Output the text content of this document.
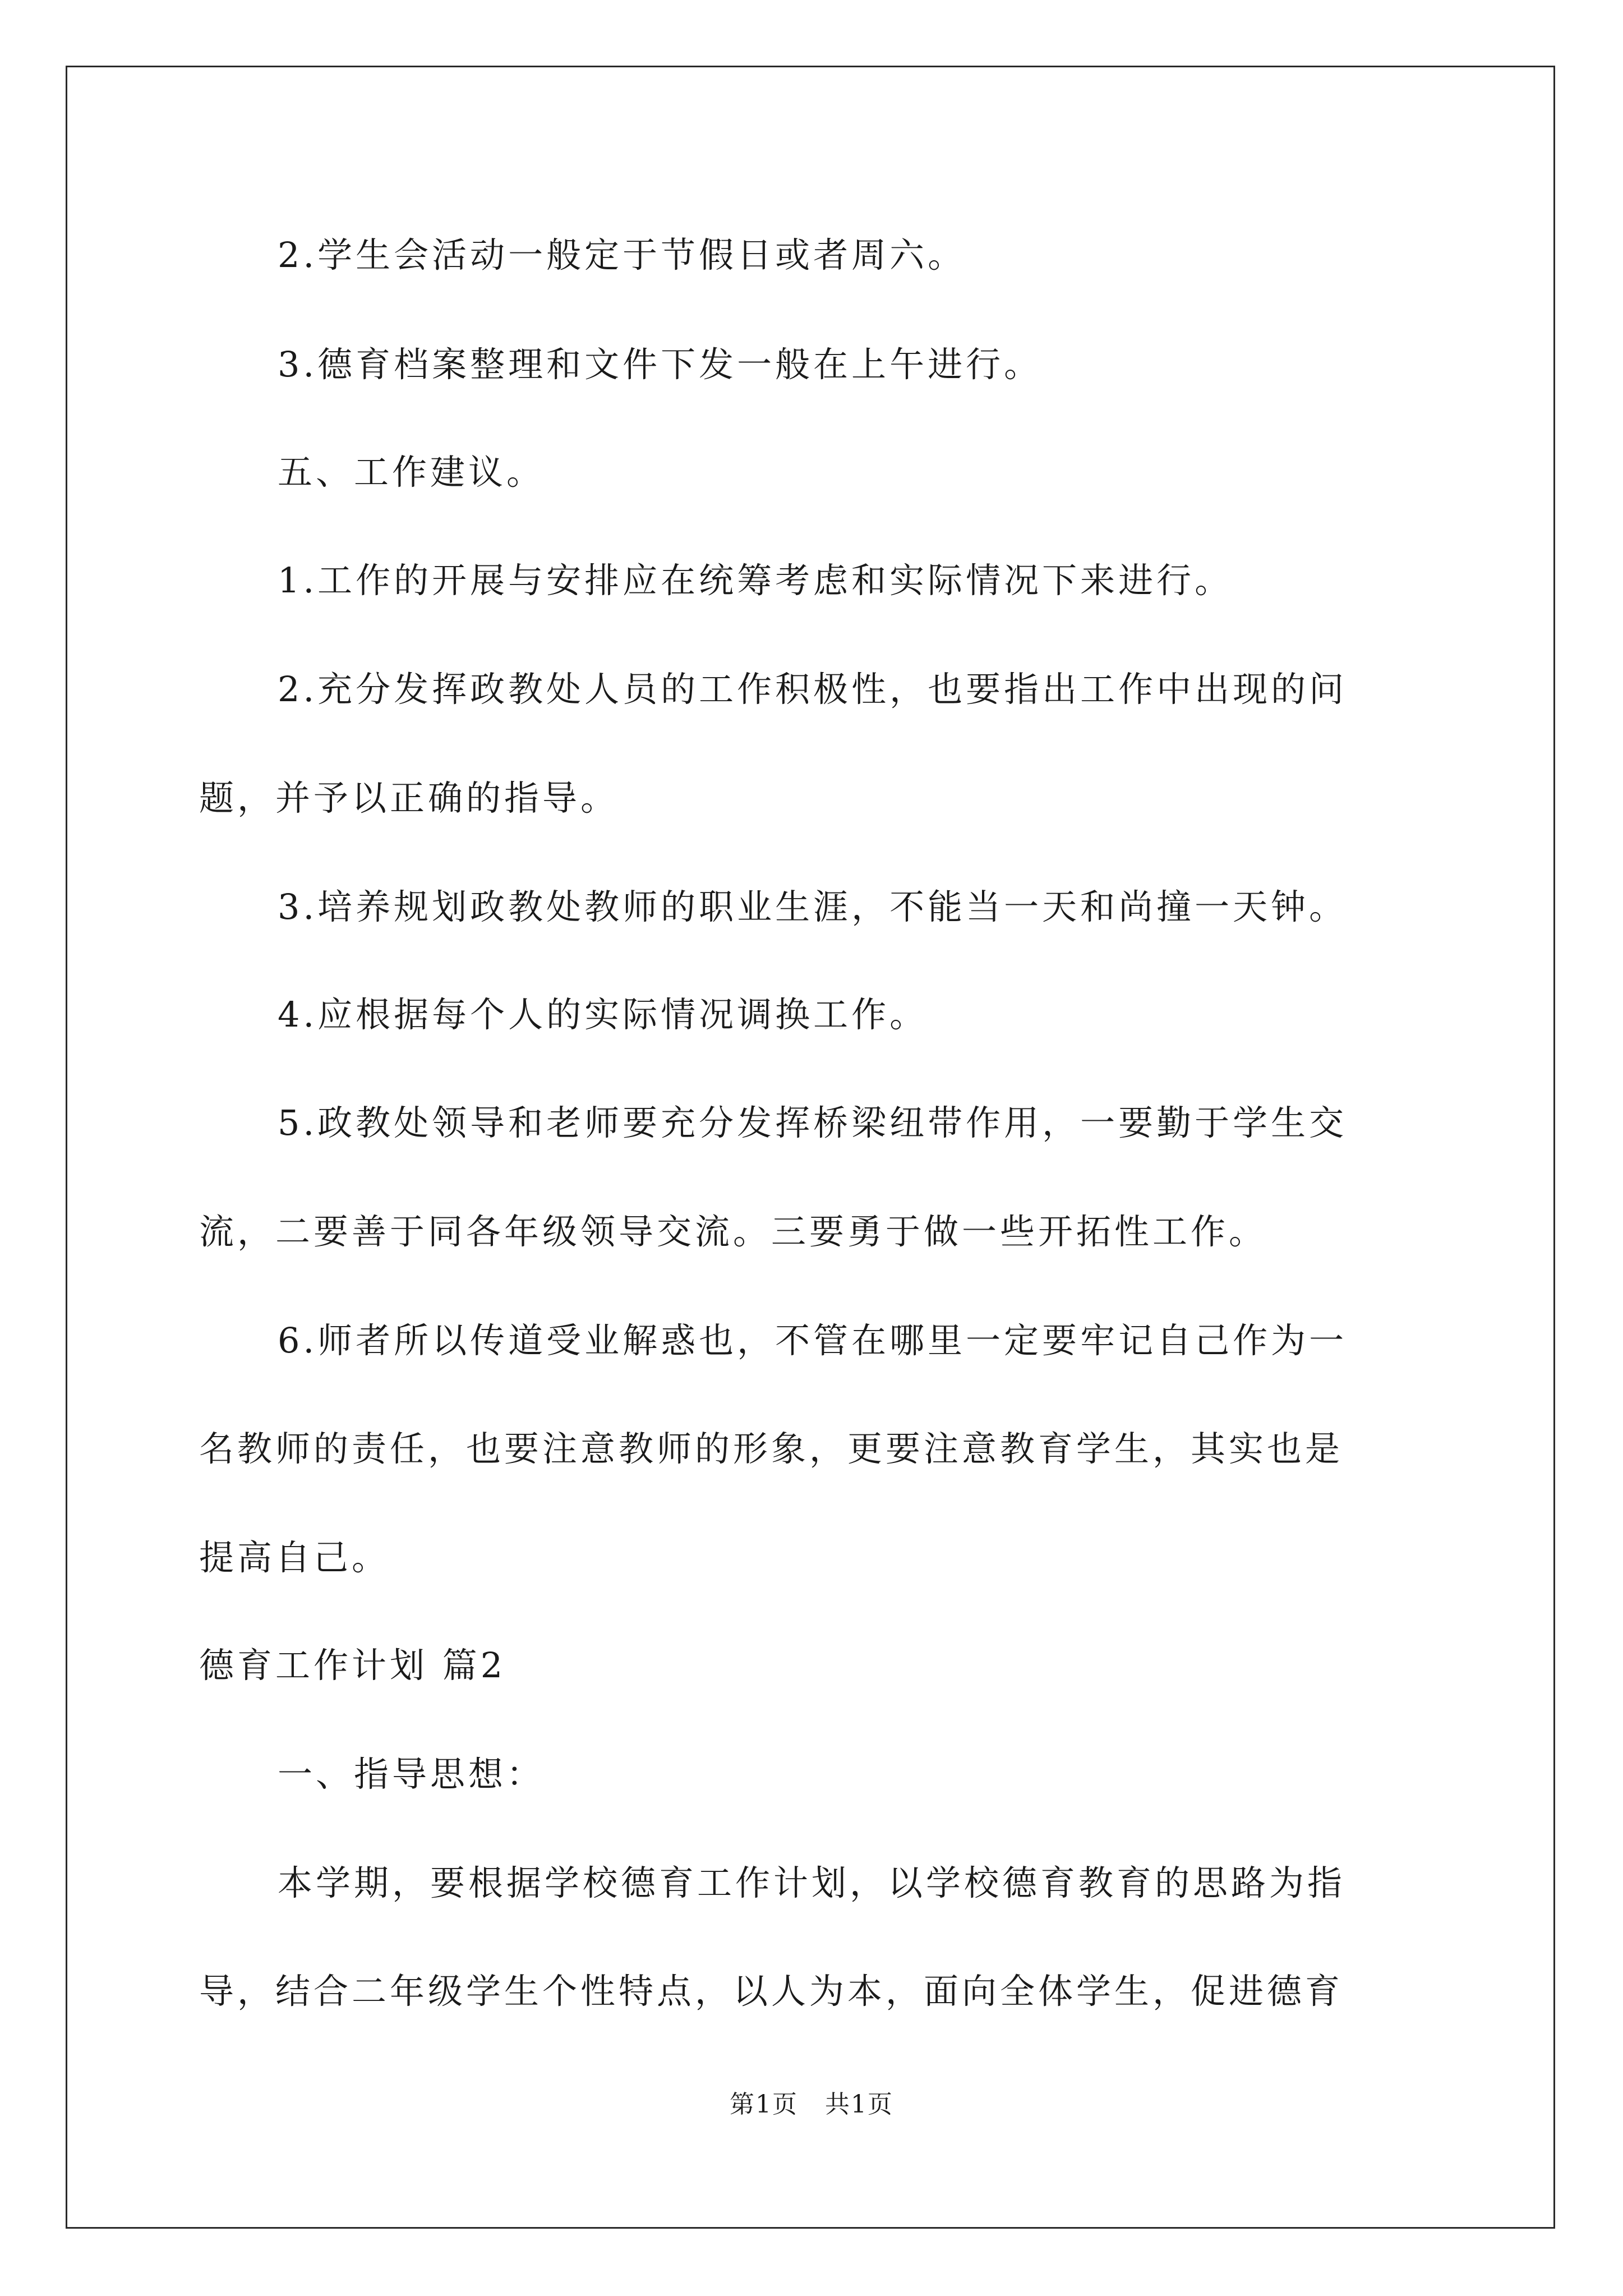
2.学生会活动一般定于节假日或者周六。
3.德育档案整理和文件下发一般在上午进行。
五、工作建议。
1.工作的开展与安排应在统筹考虑和实际情况下来进行。
2.充分发挥政教处人员的工作积极性，也要指出工作中出现的问
题，并予以正确的指导。
3.培养规划政教处教师的职业生涯，不能当一天和尚撞一天钟。
4.应根据每个人的实际情况调换工作。
5.政教处领导和老师要充分发挥桥梁纽带作用，一要勤于学生交
流，二要善于同各年级领导交流。三要勇于做一些开拓性工作。
6.师者所以传道受业解惑也，不管在哪里一定要牢记自己作为一
名教师的责任，也要注意教师的形象，更要注意教育学生，其实也是
提高自己。
德育工作计划 篇2
一、指导思想：
本学期，要根据学校德育工作计划，以学校德育教育的思路为指
导，结合二年级学生个性特点，以人为本，面向全体学生，促进德育
第1页   共1页
